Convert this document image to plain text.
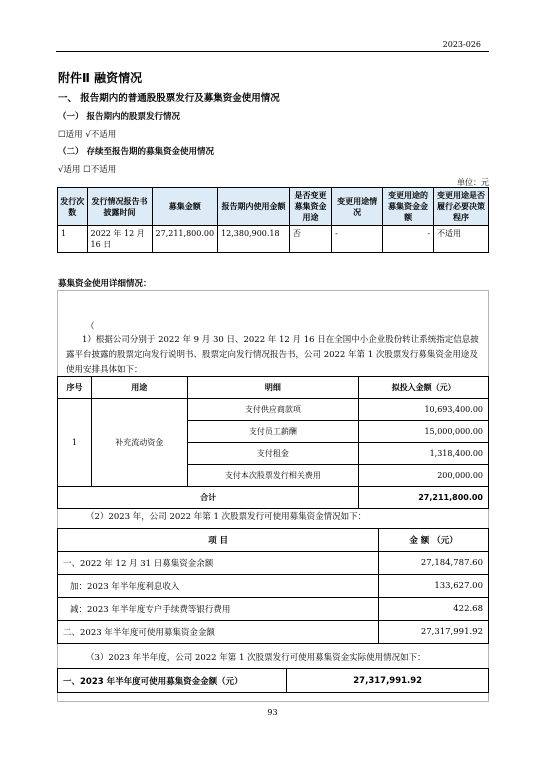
2023-026
附件Ⅱ 融资情况
一、 报告期内的普通股股票发行及募集资金使用情况
（一） 报告期内的股票发行情况
☐适用 √不适用
（二） 存续至报告期的募集资金使用情况
√适用 ☐不适用
单位：元
发行次数	发行情况报告书披露时间	募集金额	报告期内使用金额	是否变更募集资金用途	变更用途情况	变更用途的募集资金金额	变更用途是否履行必要决策程序
1	2022 年 12 月 16 日	27,211,800.00	12,380,900.18	否	-	-	不适用
募集资金使用详细情况：
（
1）根据公司分别于 2022 年 9 月 30 日、2022 年 12 月 16 日在全国中小企业股份转让系统指定信息披露平台披露的股票定向发行说明书、股票定向发行情况报告书，公司 2022 年第 1 次股票发行募集资金用途及使用安排具体如下：
序号	用途	明细	拟投入金额（元）
1	补充流动资金	支付供应商款项	10,693,400.00
		支付员工薪酬	15,000,000.00
		支付租金	1,318,400.00
		支付本次股票发行相关费用	200,000.00
合计			27,211,800.00
（2）2023 年，公司 2022 年第 1 次股票发行可使用募集资金情况如下：
项 目	金 额 （元）
一、2022 年 12 月 31 日募集资金余额	27,184,787.60
加：2023 年半年度利息收入	133,627.00
减：2023 年半年度专户手续费等银行费用	422.68
二、2023 年半年度可使用募集资金金额	27,317,991.92
（3）2023 年半年度，公司 2022 年第 1 次股票发行可使用募集资金实际使用情况如下：
一、2023 年半年度可使用募集资金金额（元）	27,317,991.92
93
